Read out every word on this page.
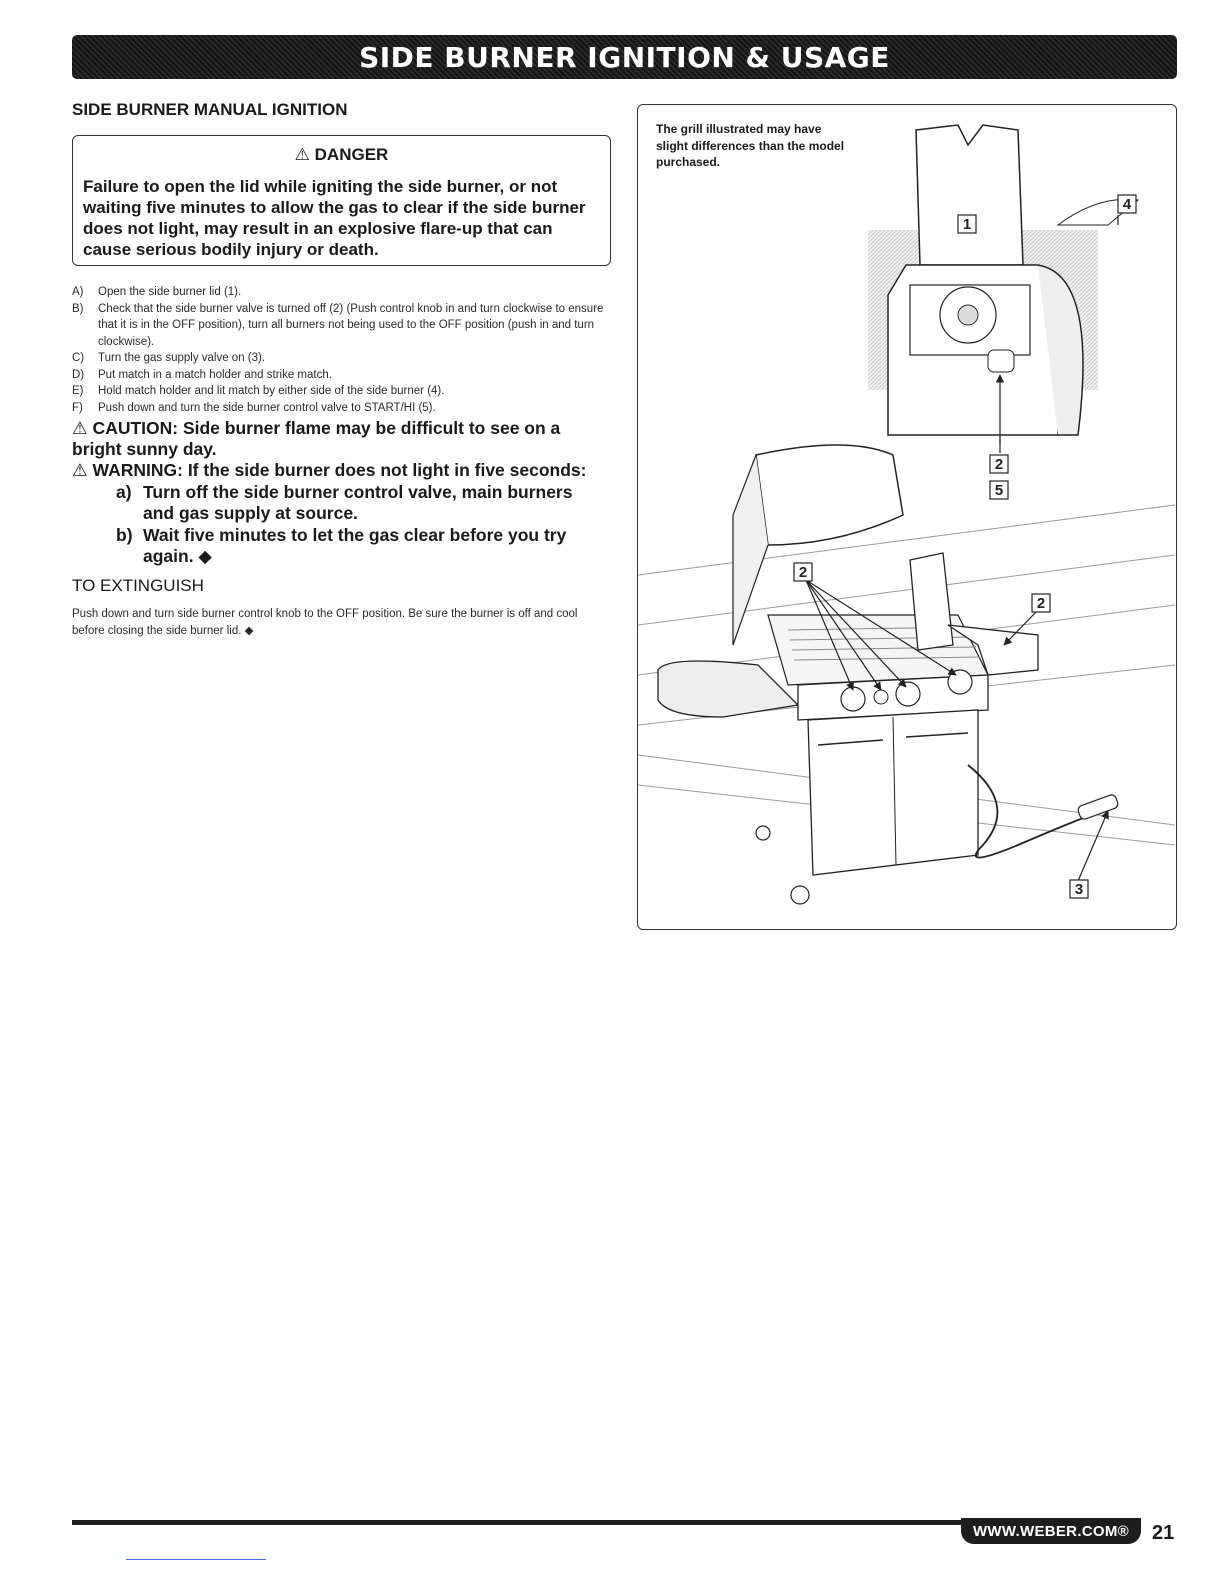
SIDE BURNER IGNITION & USAGE
SIDE BURNER MANUAL IGNITION
⚠ DANGER
Failure to open the lid while igniting the side burner, or not waiting five minutes to allow the gas to clear if the side burner does not light, may result in an explosive flare-up that can cause serious bodily injury or death.
A)	Open the side burner lid (1).
B)	Check that the side burner valve is turned off (2) (Push control knob in and turn clockwise to ensure that it is in the OFF position), turn all burners not being used to the OFF position (push in and turn clockwise).
C)	Turn the gas supply valve on (3).
D)	Put match in a match holder and strike match.
E)	Hold match holder and lit match by either side of the side burner (4).
F)	Push down and turn the side burner control valve to START/HI (5).
⚠ CAUTION: Side burner flame may be difficult to see on a bright sunny day.
⚠ WARNING: If the side burner does not light in five seconds:
a) Turn off the side burner control valve, main burners and gas supply at source.
b) Wait five minutes to let the gas clear before you try again. ◆
TO EXTINGUISH
Push down and turn side burner control knob to the OFF position. Be sure the burner is off and cool before closing the side burner lid. ◆
The grill illustrated may have slight differences than the model purchased.
1
4
2
5
2
2
3
WWW.WEBER.COM® 21
